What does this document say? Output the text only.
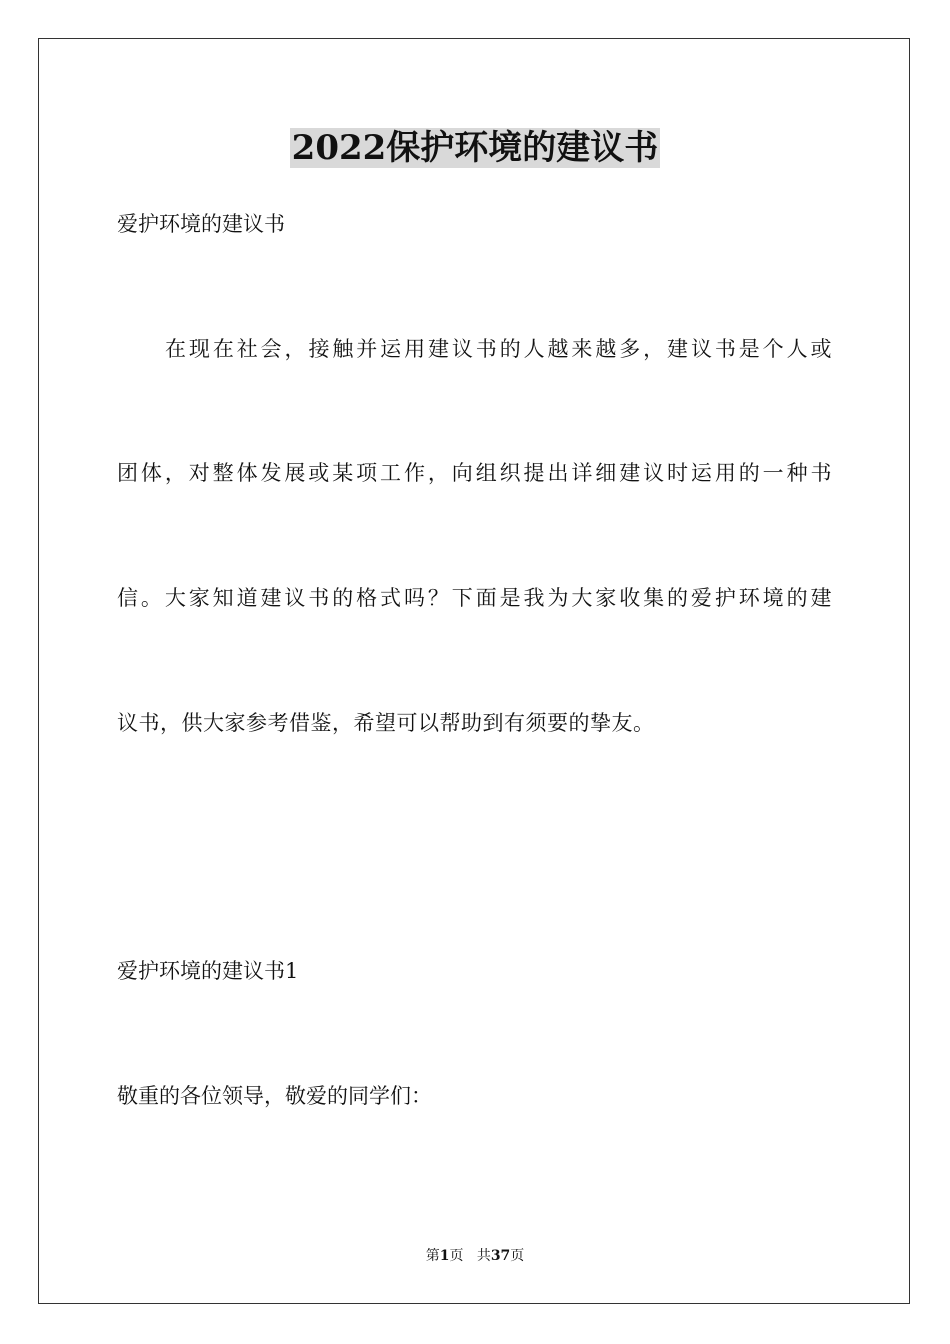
2022保护环境的建议书
爱护环境的建议书
在现在社会，接触并运用建议书的人越来越多，建议书是个人或
团体，对整体发展或某项工作，向组织提出详细建议时运用的一种书
信。大家知道建议书的格式吗？下面是我为大家收集的爱护环境的建
议书，供大家参考借鉴，希望可以帮助到有须要的挚友。
爱护环境的建议书1
敬重的各位领导，敬爱的同学们：
第1页 共37页
